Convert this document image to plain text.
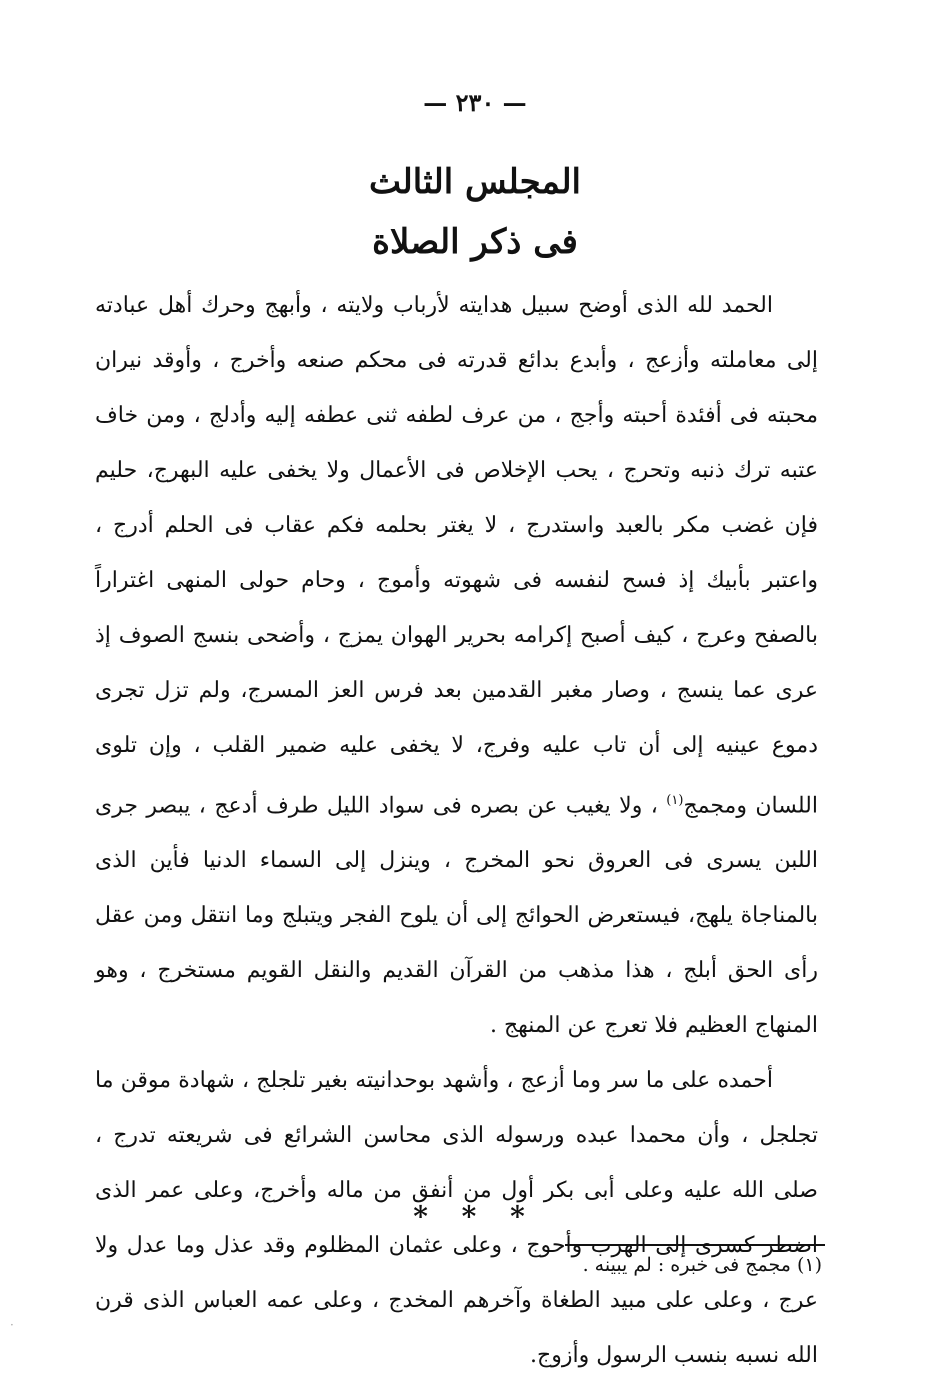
— ٢٣٠ —
المجلس الثالث
فى ذكر الصلاة

الحمد لله الذى أوضح سبيل هدايته لأرباب ولايته ، وأبهج وحرك أهل عبادته إلى معاملته وأزعج ، وأبدع بدائع قدرته فى محكم صنعه وأخرج ، وأوقد نيران محبته فى أفئدة أحبته وأجج ، من عرف لطفه ثنى عطفه إليه وأدلج ، ومن خاف عتبه ترك ذنبه وتحرج ، يحب الإخلاص فى الأعمال ولا يخفى عليه البهرج، حليم فإن غضب مكر بالعبد واستدرج ، لا يغتر بحلمه فكم عقاب فى الحلم أدرج ، واعتبر بأبيك إذ فسح لنفسه فى شهوته وأموج ، وحام حولى المنهى اغتراراً بالصفح وعرج ، كيف أصبح إكرامه بحرير الهوان يمزج ، وأضحى بنسج الصوف إذ عرى عما ينسج ، وصار مغبر القدمين بعد فرس العز المسرج، ولم تزل تجرى دموع عينيه إلى أن تاب عليه وفرج، لا يخفى عليه ضمير القلب ، وإن تلوى اللسان ومجمج$^{(١)}$ ، ولا يغيب عن بصره فى سواد الليل طرف أدعج ، يبصر جرى اللبن يسرى فى العروق نحو المخرج ، وينزل إلى السماء الدنيا فأين الذى بالمناجاة يلهج، فيستعرض الحوائج إلى أن يلوح الفجر ويتبلج وما انتقل ومن عقل رأى الحق أبلج ، هذا مذهب من القرآن القديم والنقل القويم مستخرج ، وهو المنهاج العظيم فلا تعرج عن المنهج .

أحمده على ما سر وما أزعج ، وأشهد بوحدانيته بغير تلجلج ، شهادة موقن ما تجلجل ، وأن محمدا عبده ورسوله الذى محاسن الشرائع فى شريعته تدرج ، صلى الله عليه وعلى أبى بكر أول من أنفق من ماله وأخرج، وعلى عمر الذى اضطر كسرى إلى الهرب وأحوج ، وعلى عثمان المظلوم وقد عذل وما عدل ولا عرج ، وعلى على مبيد الطغاة وآخرهم المخدج ، وعلى عمه العباس الذى قرن الله نسبه بنسب الرسول وأزوج.

* * *
(١) مجمج فى خبره : لم يبينه .
·
